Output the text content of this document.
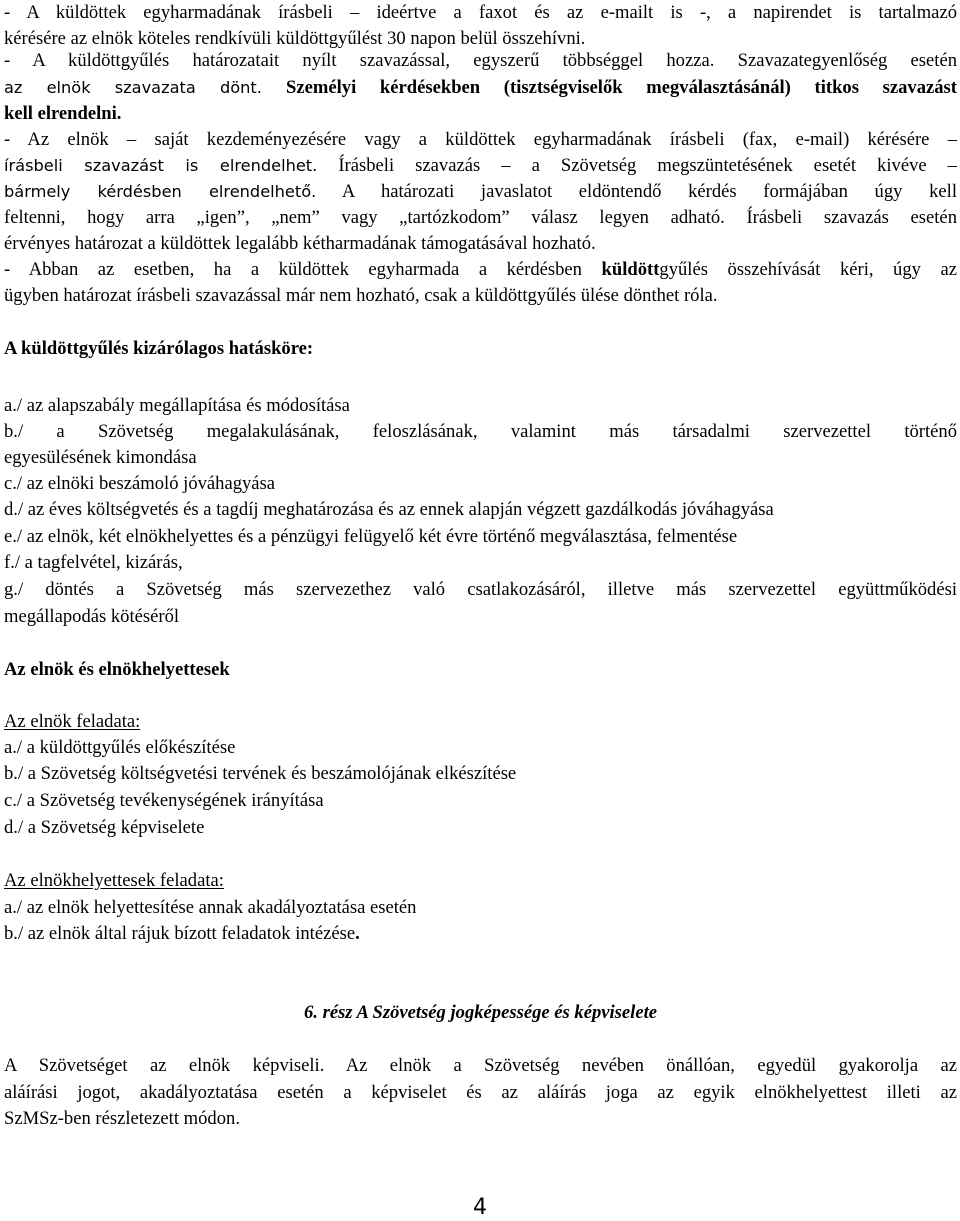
- A küldöttek egyharmadának írásbeli – ideértve a faxot és az e-mailt is -, a napirendet is tartalmazó
kérésére az elnök köteles rendkívüli küldöttgyűlést 30 napon belül összehívni.
- A küldöttgyűlés határozatait nyílt szavazással, egyszerű többséggel hozza. Szavazategyenlőség esetén
az elnök szavazata dönt. Személyi kérdésekben (tisztségviselők megválasztásánál) titkos szavazást
kell elrendelni.
- Az elnök – saját kezdeményezésére vagy a küldöttek egyharmadának írásbeli (fax, e-mail) kérésére –
írásbeli szavazást is elrendelhet. Írásbeli szavazás – a Szövetség megszüntetésének esetét kivéve –
bármely kérdésben elrendelhető. A határozati javaslatot eldöntendő kérdés formájában úgy kell
feltenni, hogy arra „igen”, „nem” vagy „tartózkodom” válasz legyen adható. Írásbeli szavazás esetén
érvényes határozat a küldöttek legalább kétharmadának támogatásával hozható.
- Abban az esetben, ha a küldöttek egyharmada a kérdésben küldöttgyűlés összehívását kéri, úgy az
ügyben határozat írásbeli szavazással már nem hozható, csak a küldöttgyűlés ülése dönthet róla.
A küldöttgyűlés kizárólagos hatásköre:
a./ az alapszabály megállapítása és módosítása
b./ a Szövetség megalakulásának, feloszlásának, valamint más társadalmi szervezettel történő
egyesülésének kimondása
c./ az elnöki beszámoló jóváhagyása
d./ az éves költségvetés és a tagdíj meghatározása és az ennek alapján végzett gazdálkodás jóváhagyása
e./ az elnök, két elnökhelyettes és a pénzügyi felügyelő két évre történő megválasztása, felmentése
f./ a tagfelvétel, kizárás,
g./ döntés a Szövetség más szervezethez való csatlakozásáról, illetve más szervezettel együttműködési
megállapodás kötéséről
Az elnök és elnökhelyettesek
Az elnök feladata:
a./ a küldöttgyűlés előkészítése
b./ a Szövetség költségvetési tervének és beszámolójának elkészítése
c./ a Szövetség tevékenységének irányítása
d./ a Szövetség képviselete
Az elnökhelyettesek feladata:
a./ az elnök helyettesítése annak akadályoztatása esetén
b./ az elnök által rájuk bízott feladatok intézése.
6. rész A Szövetség jogképessége és képviselete
A Szövetséget az elnök képviseli. Az elnök a Szövetség nevében önállóan, egyedül gyakorolja az
aláírási jogot, akadályoztatása esetén a képviselet és az aláírás joga az egyik elnökhelyettest illeti az
SzMSz-ben részletezett módon.
4
